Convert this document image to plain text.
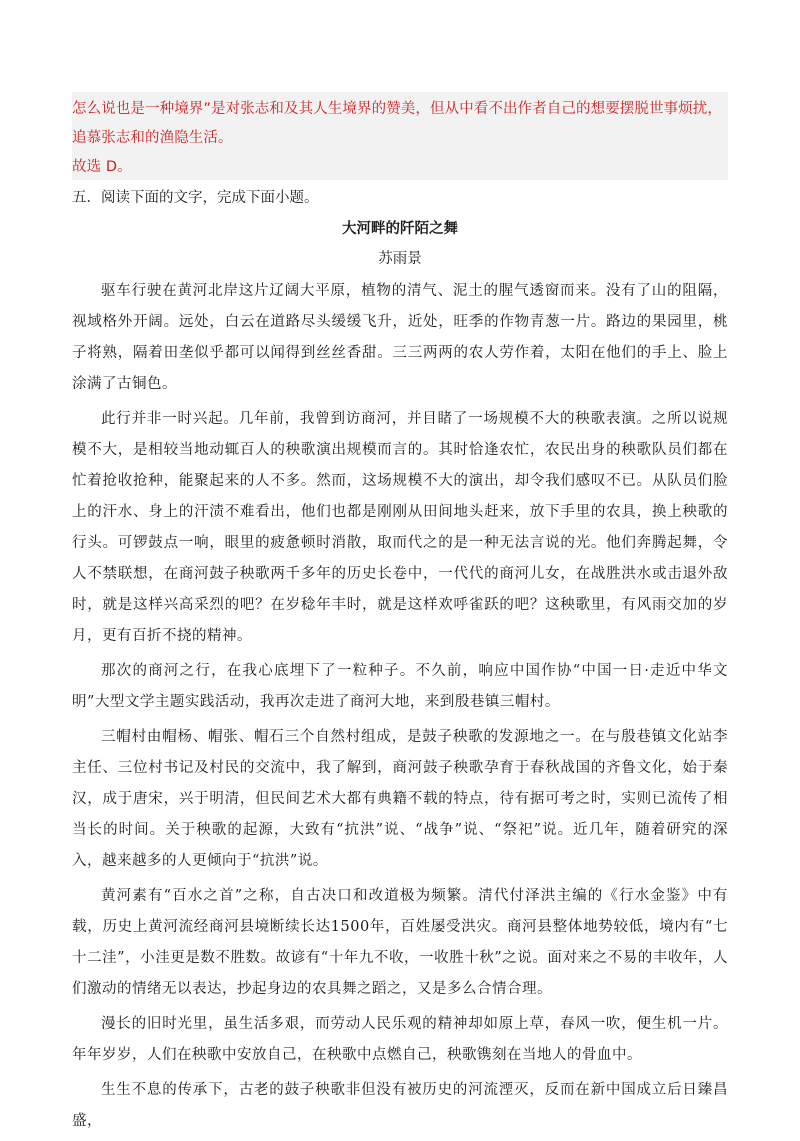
怎么说也是一种境界”是对张志和及其人生境界的赞美，但从中看不出作者自己的想要摆脱世事烦扰，追慕张志和的渔隐生活。

故选 D。

五．阅读下面的文字，完成下面小题。

大河畔的阡陌之舞
苏雨景

驱车行驶在黄河北岸这片辽阔大平原，植物的清气、泥土的腥气透窗而来。没有了山的阻隔，视域格外开阔。远处，白云在道路尽头缓缓飞升，近处，旺季的作物青葱一片。路边的果园里，桃子将熟，隔着田垄似乎都可以闻得到丝丝香甜。三三两两的农人劳作着，太阳在他们的手上、脸上涂满了古铜色。

此行并非一时兴起。几年前，我曾到访商河，并目睹了一场规模不大的秧歌表演。之所以说规模不大，是相较当地动辄百人的秧歌演出规模而言的。其时恰逢农忙，农民出身的秧歌队员们都在忙着抢收抢种，能聚起来的人不多。然而，这场规模不大的演出，却令我们感叹不已。从队员们脸上的汗水、身上的汗渍不难看出，他们也都是刚刚从田间地头赶来，放下手里的农具，换上秧歌的行头。可锣鼓点一响，眼里的疲惫顿时消散，取而代之的是一种无法言说的光。他们奔腾起舞，令人不禁联想，在商河鼓子秧歌两千多年的历史长卷中，一代代的商河儿女，在战胜洪水或击退外敌时，就是这样兴高采烈的吧？在岁稔年丰时，就是这样欢呼雀跃的吧？这秧歌里，有风雨交加的岁月，更有百折不挠的精神。

那次的商河之行，在我心底埋下了一粒种子。不久前，响应中国作协“中国一日·走近中华文明”大型文学主题实践活动，我再次走进了商河大地，来到殷巷镇三帽村。

三帽村由帽杨、帽张、帽石三个自然村组成，是鼓子秧歌的发源地之一。在与殷巷镇文化站李主任、三位村书记及村民的交流中，我了解到，商河鼓子秧歌孕育于春秋战国的齐鲁文化，始于秦汉，成于唐宋，兴于明清，但民间艺术大都有典籍不载的特点，待有据可考之时，实则已流传了相当长的时间。关于秧歌的起源，大致有“抗洪”说、“战争”说、“祭祀”说。近几年，随着研究的深入，越来越多的人更倾向于“抗洪”说。

黄河素有“百水之首”之称，自古决口和改道极为频繁。清代付泽洪主编的《行水金鉴》中有载，历史上黄河流经商河县境断续长达1500年，百姓屡受洪灾。商河县整体地势较低，境内有“七十二洼”，小洼更是数不胜数。故谚有“十年九不收，一收胜十秋”之说。面对来之不易的丰收年，人们激动的情绪无以表达，抄起身边的农具舞之蹈之，又是多么合情合理。

漫长的旧时光里，虽生活多艰，而劳动人民乐观的精神却如原上草，春风一吹，便生机一片。年年岁岁，人们在秧歌中安放自己，在秧歌中点燃自己，秧歌镌刻在当地人的骨血中。

生生不息的传承下，古老的鼓子秧歌非但没有被历史的河流湮灭，反而在新中国成立后日臻昌盛，
